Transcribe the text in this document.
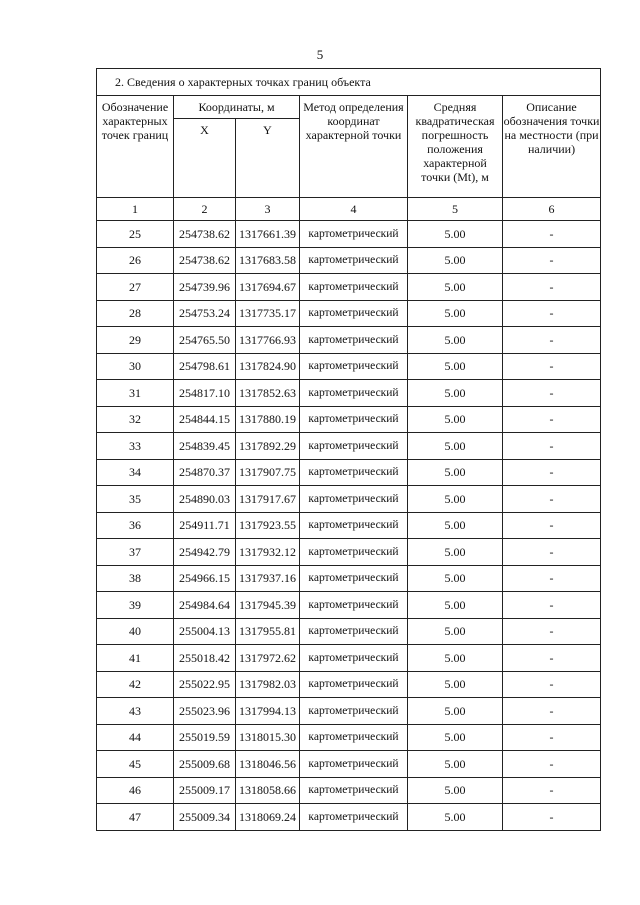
5
2. Сведения о характерных точках границ объекта					
Обозначение характерных точек границ	Координаты, м		Метод определения координат характерной точки	Средняя квадратическая погрешность положения характерной точки (Mt), м	Описание обозначения точки на местности (при наличии)
	X	Y			
1	2	3	4	5	6
25	254738.62	1317661.39	картометрический	5.00	-
26	254738.62	1317683.58	картометрический	5.00	-
27	254739.96	1317694.67	картометрический	5.00	-
28	254753.24	1317735.17	картометрический	5.00	-
29	254765.50	1317766.93	картометрический	5.00	-
30	254798.61	1317824.90	картометрический	5.00	-
31	254817.10	1317852.63	картометрический	5.00	-
32	254844.15	1317880.19	картометрический	5.00	-
33	254839.45	1317892.29	картометрический	5.00	-
34	254870.37	1317907.75	картометрический	5.00	-
35	254890.03	1317917.67	картометрический	5.00	-
36	254911.71	1317923.55	картометрический	5.00	-
37	254942.79	1317932.12	картометрический	5.00	-
38	254966.15	1317937.16	картометрический	5.00	-
39	254984.64	1317945.39	картометрический	5.00	-
40	255004.13	1317955.81	картометрический	5.00	-
41	255018.42	1317972.62	картометрический	5.00	-
42	255022.95	1317982.03	картометрический	5.00	-
43	255023.96	1317994.13	картометрический	5.00	-
44	255019.59	1318015.30	картометрический	5.00	-
45	255009.68	1318046.56	картометрический	5.00	-
46	255009.17	1318058.66	картометрический	5.00	-
47	255009.34	1318069.24	картометрический	5.00	-
